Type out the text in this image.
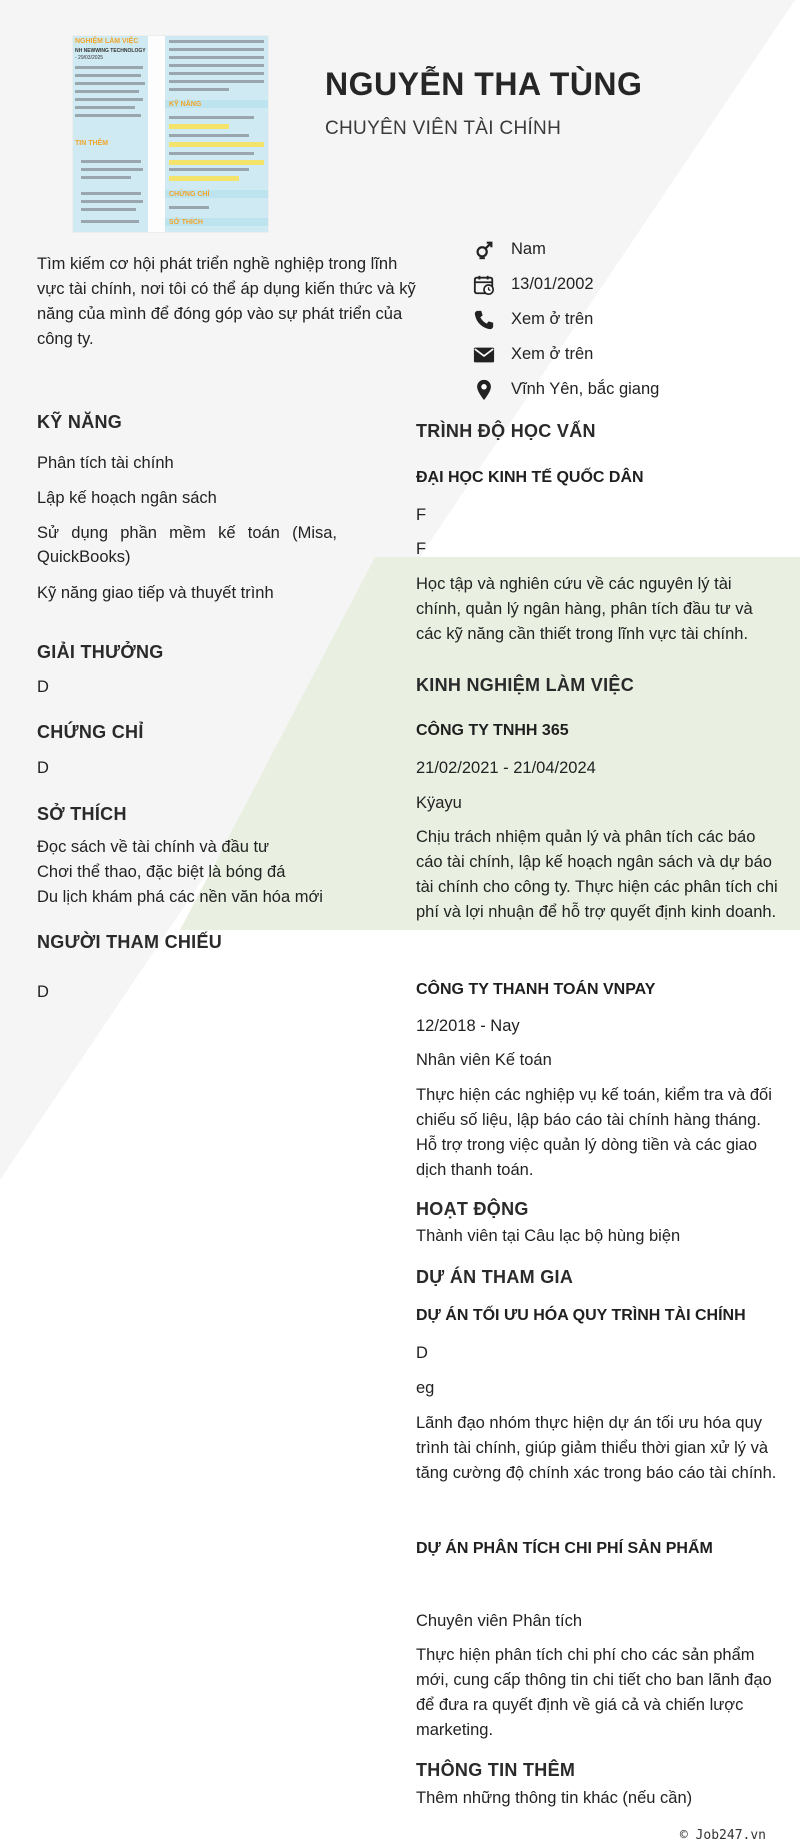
NGHIỆM LÀM VIỆC
NH NEWWING TECHNOLOGY
- 29/03/2025
TIN THÊM
KỸ NĂNG
CHỨNG CHỈ
SỞ THÍCH
NGUYỄN THA TÙNG
CHUYÊN VIÊN TÀI CHÍNH
Tìm kiếm cơ hội phát triển nghề nghiệp trong lĩnh vực tài chính, nơi tôi có thể áp dụng kiến thức và kỹ năng của mình để đóng góp vào sự phát triển của công ty.
Nam
13/01/2002
Xem ở trên
Xem ở trên
Vĩnh Yên, bắc giang
KỸ NĂNG
Phân tích tài chính
Lập kế hoạch ngân sách
Sử dụng phần mềm kế toán (Misa, QuickBooks)
Kỹ năng giao tiếp và thuyết trình
GIẢI THƯỞNG
D
CHỨNG CHỈ
D
SỞ THÍCH
Đọc sách về tài chính và đầu tư
Chơi thể thao, đặc biệt là bóng đá
Du lịch khám phá các nền văn hóa mới
NGƯỜI THAM CHIẾU
D
TRÌNH ĐỘ HỌC VẤN
ĐẠI HỌC KINH TẾ QUỐC DÂN
F
F
Học tập và nghiên cứu về các nguyên lý tài chính, quản lý ngân hàng, phân tích đầu tư và các kỹ năng cần thiết trong lĩnh vực tài chính.
KINH NGHIỆM LÀM VIỆC
CÔNG TY TNHH 365
21/02/2021 - 21/04/2024
Kÿayu
Chịu trách nhiệm quản lý và phân tích các báo cáo tài chính, lập kế hoạch ngân sách và dự báo tài chính cho công ty. Thực hiện các phân tích chi phí và lợi nhuận để hỗ trợ quyết định kinh doanh.
CÔNG TY THANH TOÁN VNPAY
12/2018 - Nay
Nhân viên Kế toán
Thực hiện các nghiệp vụ kế toán, kiểm tra và đối chiếu số liệu, lập báo cáo tài chính hàng tháng. Hỗ trợ trong việc quản lý dòng tiền và các giao dịch thanh toán.
HOẠT ĐỘNG
Thành viên tại Câu lạc bộ hùng biện
DỰ ÁN THAM GIA
DỰ ÁN TỐI ƯU HÓA QUY TRÌNH TÀI CHÍNH
D
eg
Lãnh đạo nhóm thực hiện dự án tối ưu hóa quy trình tài chính, giúp giảm thiểu thời gian xử lý và tăng cường độ chính xác trong báo cáo tài chính.
DỰ ÁN PHÂN TÍCH CHI PHÍ SẢN PHẨM
Chuyên viên Phân tích
Thực hiện phân tích chi phí cho các sản phẩm mới, cung cấp thông tin chi tiết cho ban lãnh đạo để đưa ra quyết định về giá cả và chiến lược marketing.
THÔNG TIN THÊM
Thêm những thông tin khác (nếu cần)
© Job247.vn
